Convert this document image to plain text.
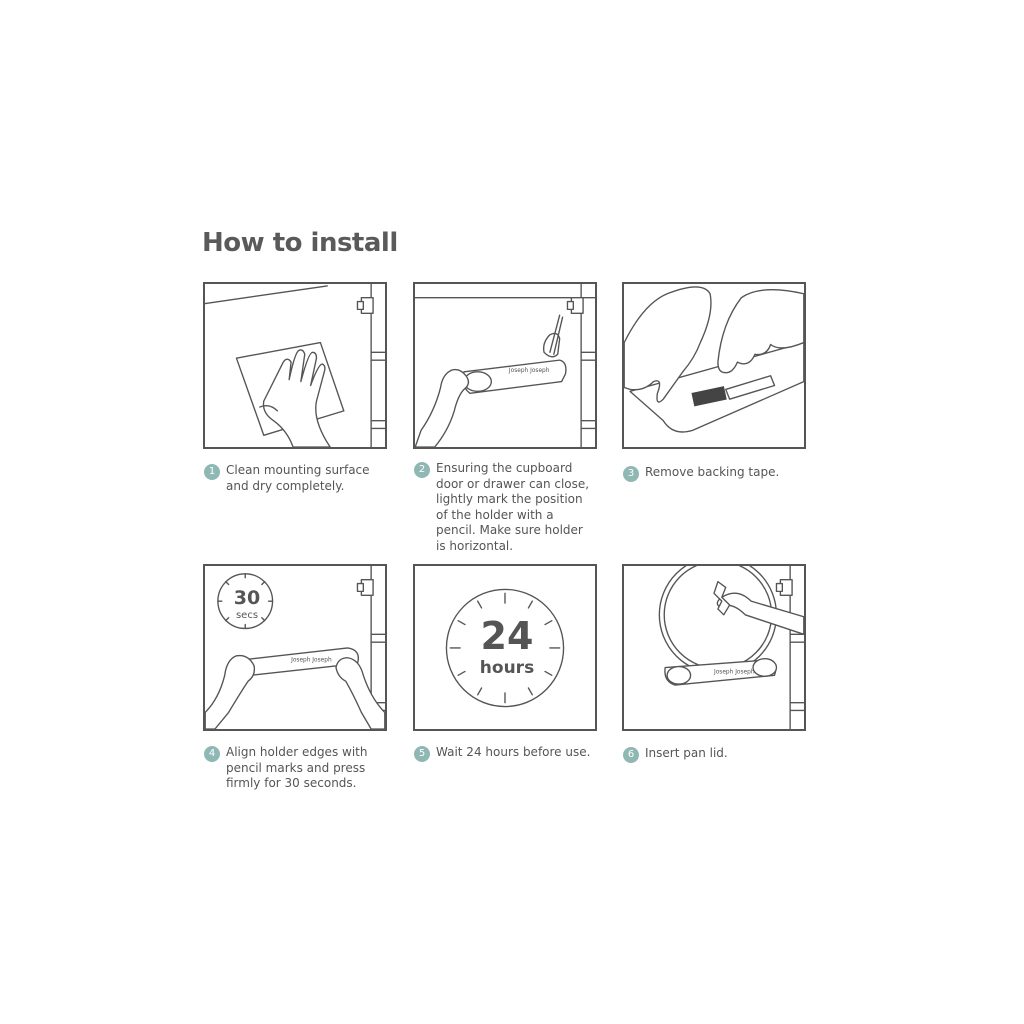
How to install
Joseph Joseph
Joseph Joseph
30
secs	24
hours	Joseph Joseph
1 Clean mounting surface and dry completely.
2 Ensuring the cupboard door or drawer can close, lightly mark the position of the holder with a pencil. Make sure holder is horizontal.
3 Remove backing tape.
4 Align holder edges with pencil marks and press firmly for 30 seconds.
5 Wait 24 hours before use.	6 Insert pan lid.
